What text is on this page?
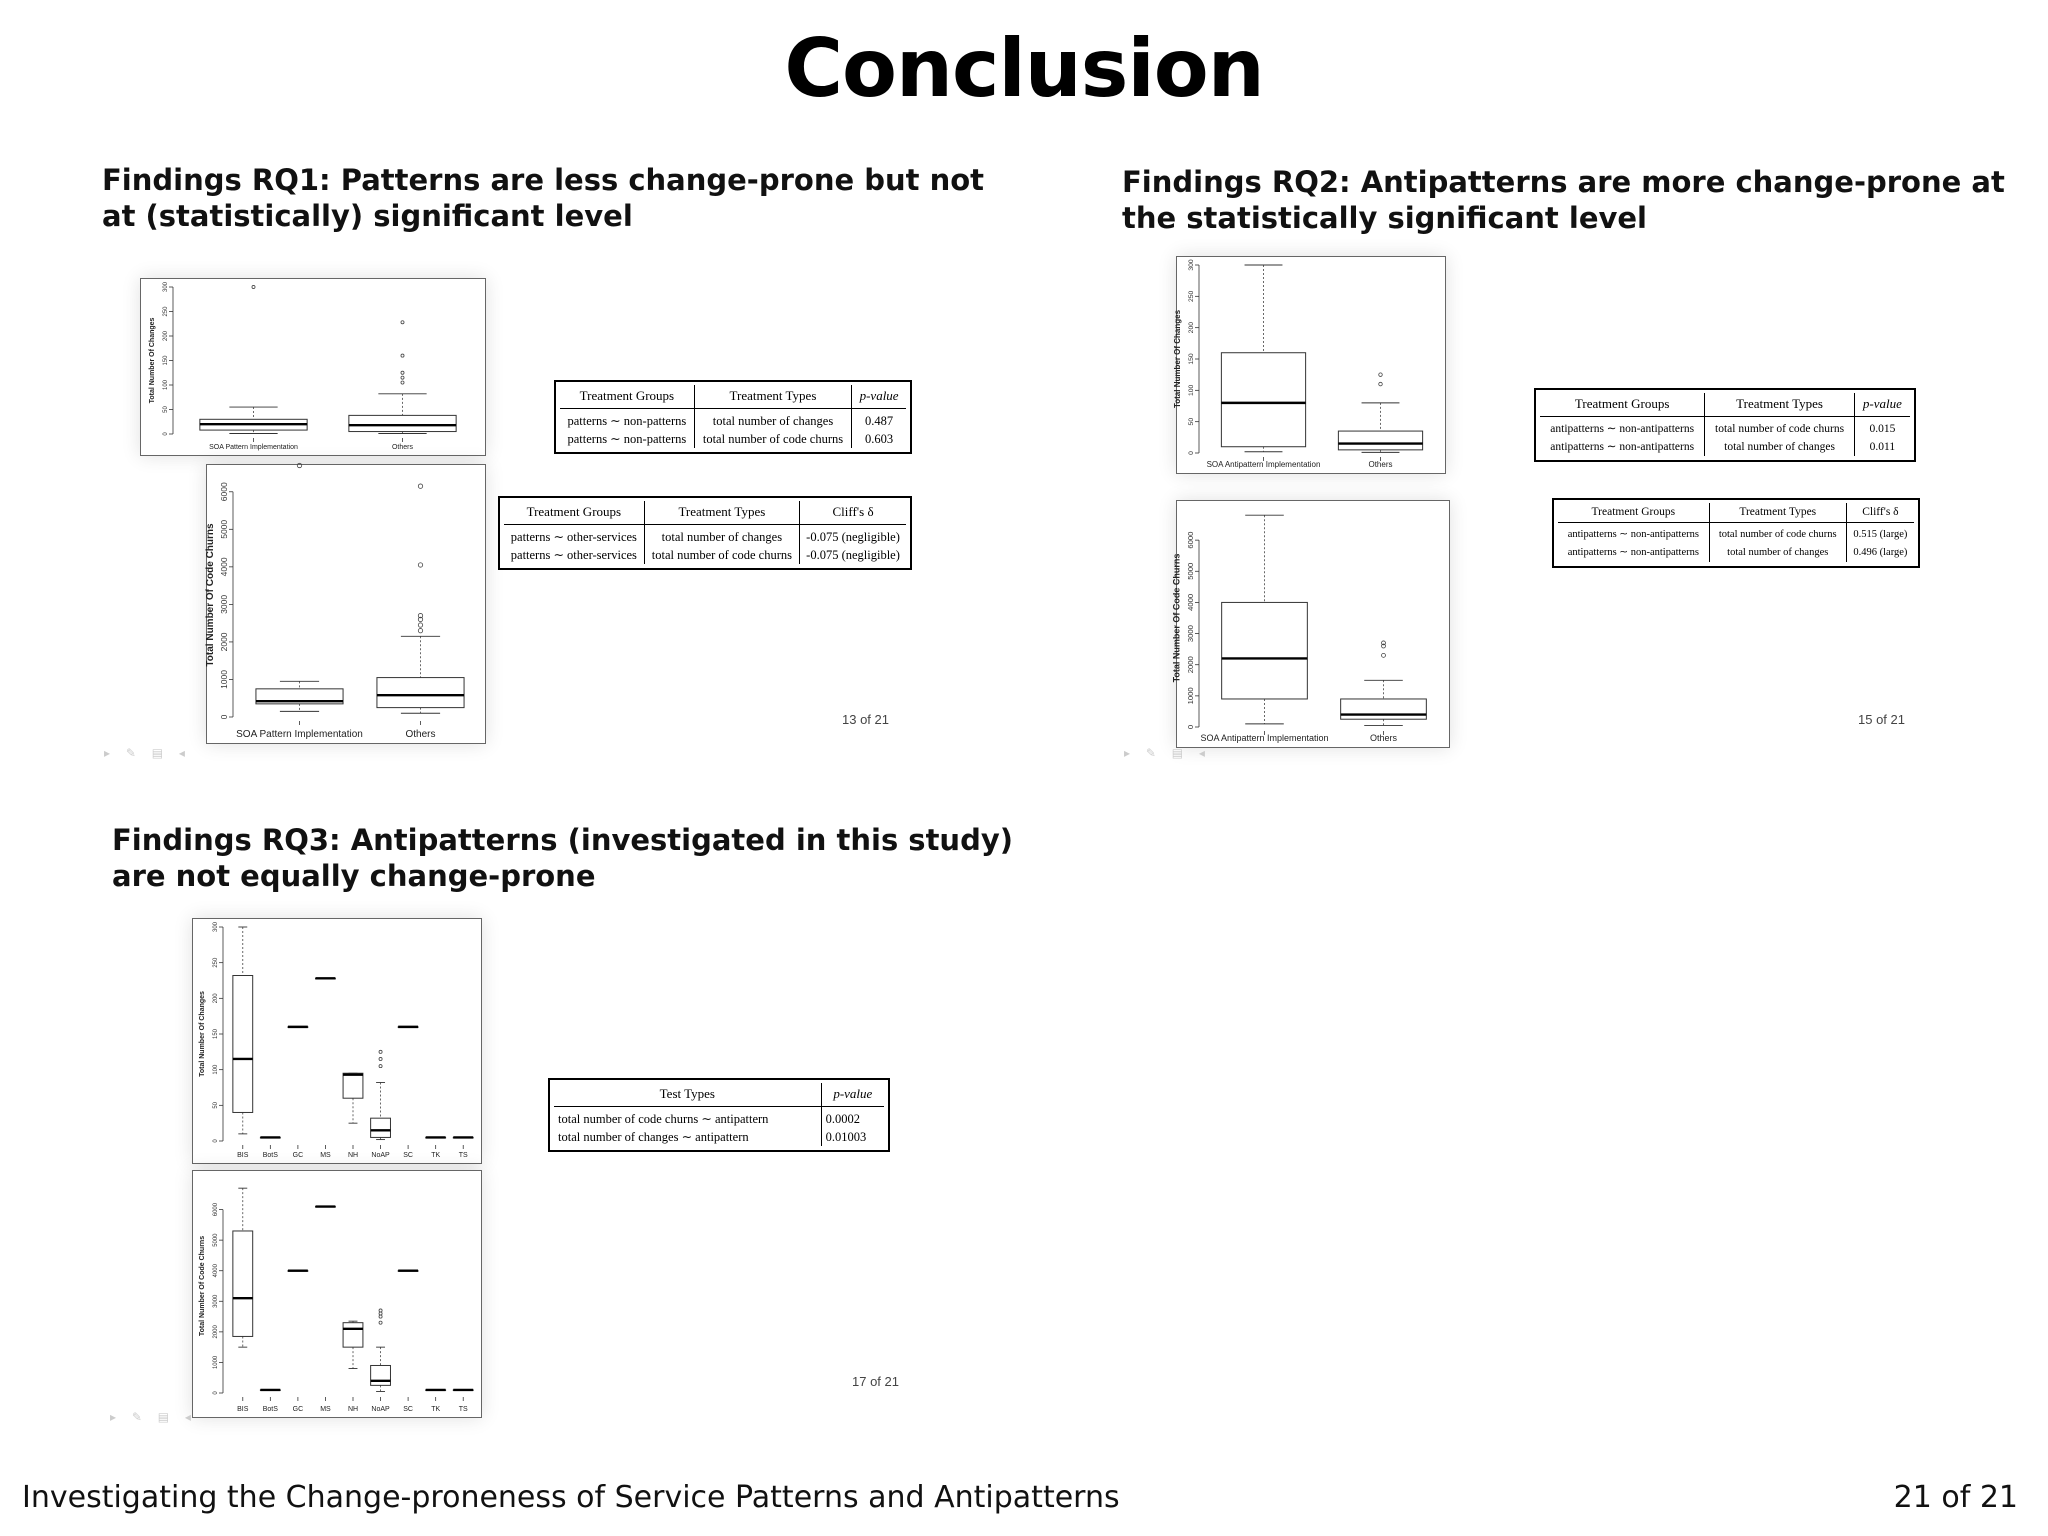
Conclusion
Findings RQ1: Patterns are less change-prone but not
at (statistically) significant level
0
50
100
150
200
250
300
Total Number Of Changes
SOA Pattern Implementation	Others
0
1000
2000
3000
4000
5000
6000
Total Number Of Code Churns
SOA Pattern Implementation	Others
Treatment Groups	Treatment Types	p-value
patterns ∼ non-patterns	total number of changes	0.487
patterns ∼ non-patterns	total number of code churns	0.603
Treatment Groups	Treatment Types	Cliff's δ
patterns ∼ other-services	total number of changes	-0.075 (negligible)
patterns ∼ other-services	total number of code churns	-0.075 (negligible)
13 of 21
▸ ✎ ▤ ◂
Findings RQ2: Antipatterns are more change-prone at
the statistically significant level
0
50
100
150
200
250
300
Total Number Of Changes
SOA Antipattern Implementation	Others
0
1000
2000
3000
4000
5000
6000
Total Number Of Code Churns
SOA Antipattern Implementation	Others
Treatment Groups	Treatment Types	p-value
antipatterns ∼ non-antipatterns	total number of code churns	0.015
antipatterns ∼ non-antipatterns	total number of changes	0.011
Treatment Groups	Treatment Types	Cliff's δ
antipatterns ∼ non-antipatterns	total number of code churns	0.515 (large)
antipatterns ∼ non-antipatterns	total number of changes	0.496 (large)
15 of 21
▸ ✎ ▤ ◂
Findings RQ3: Antipatterns (investigated in this study)
are not equally change-prone
0
50
100
150
200
250
300
Total Number Of Changes
BIS BotS GC MS NH NoAP SC	TK	TS
0
1000
2000
3000
4000
5000
6000
Total Number Of Code Churns
BIS BotS GC MS NH NoAP SC	TK	TS
Test Types	p-value
total number of code churns ∼ antipattern	0.0002
total number of changes ∼ antipattern	0.01003
17 of 21
▸ ✎ ▤ ◂
Investigating the Change-proneness of Service Patterns and Antipatterns	21 of 21
